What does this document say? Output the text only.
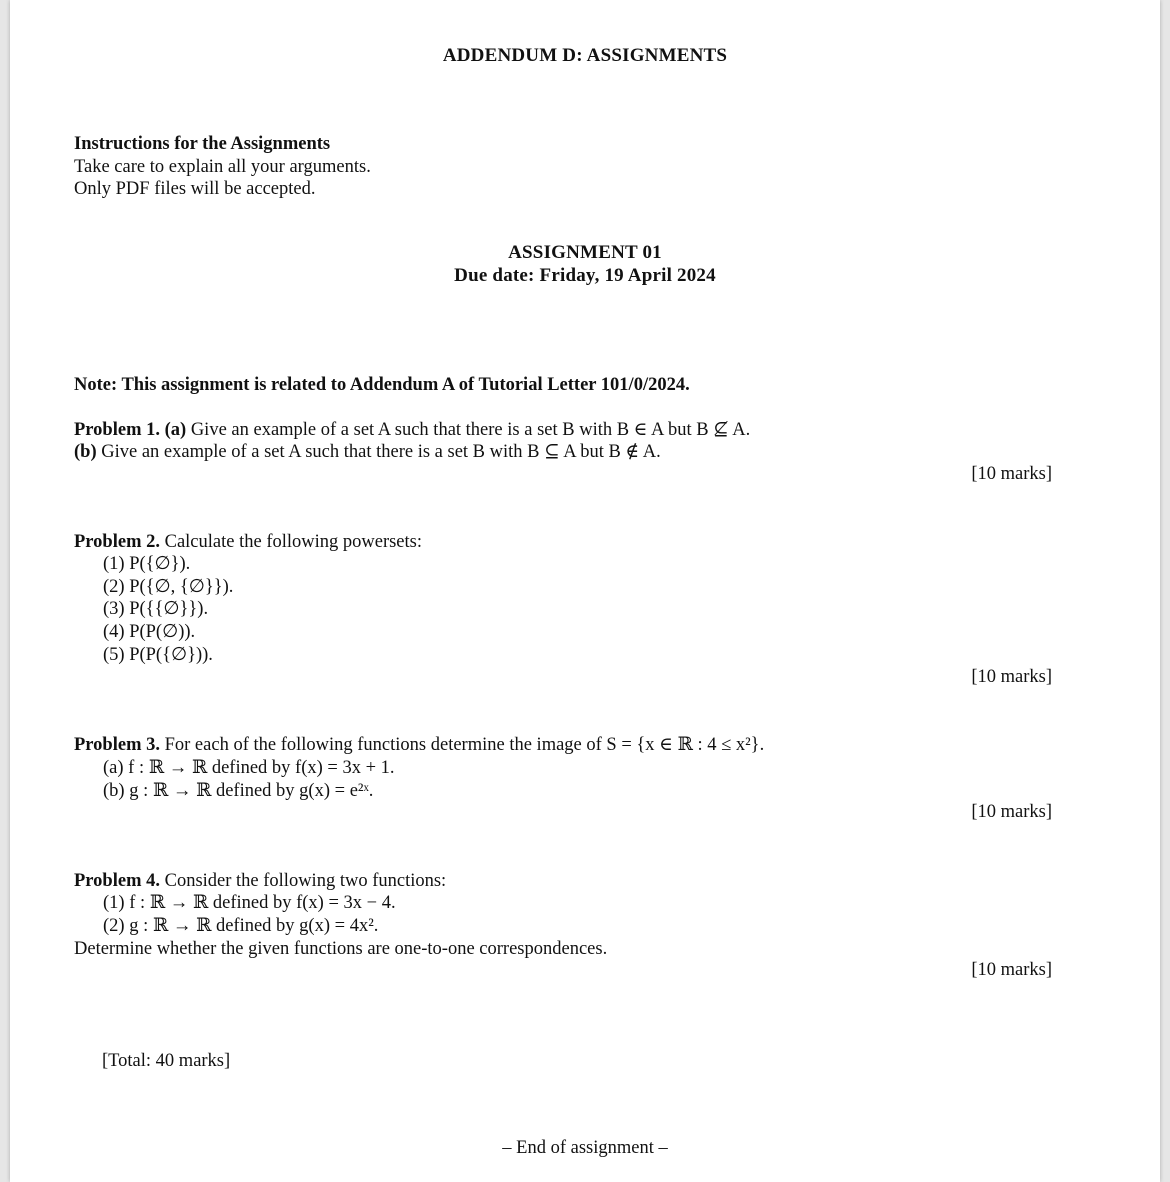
ADDENDUM D: ASSIGNMENTS
Instructions for the Assignments
Take care to explain all your arguments.
Only PDF files will be accepted.
ASSIGNMENT 01
Due date: Friday, 19 April 2024
Note: This assignment is related to Addendum A of Tutorial Letter 101/0/2024.
Problem 1. (a) Give an example of a set A such that there is a set B with B ∈ A but B ⊈ A.
(b) Give an example of a set A such that there is a set B with B ⊆ A but B ∉ A.
[10 marks]
Problem 2. Calculate the following powersets:
(1) P({∅}).
(2) P({∅, {∅}}).
(3) P({{∅}}).
(4) P(P(∅)).
(5) P(P({∅})).
[10 marks]
Problem 3. For each of the following functions determine the image of S = {x ∈ ℝ : 4 ≤ x²}.
(a) f : ℝ → ℝ defined by f(x) = 3x + 1.
(b) g : ℝ → ℝ defined by g(x) = e²ˣ.
[10 marks]
Problem 4. Consider the following two functions:
(1) f : ℝ → ℝ defined by f(x) = 3x − 4.
(2) g : ℝ → ℝ defined by g(x) = 4x².
Determine whether the given functions are one-to-one correspondences.
[10 marks]
[Total: 40 marks]
– End of assignment –
